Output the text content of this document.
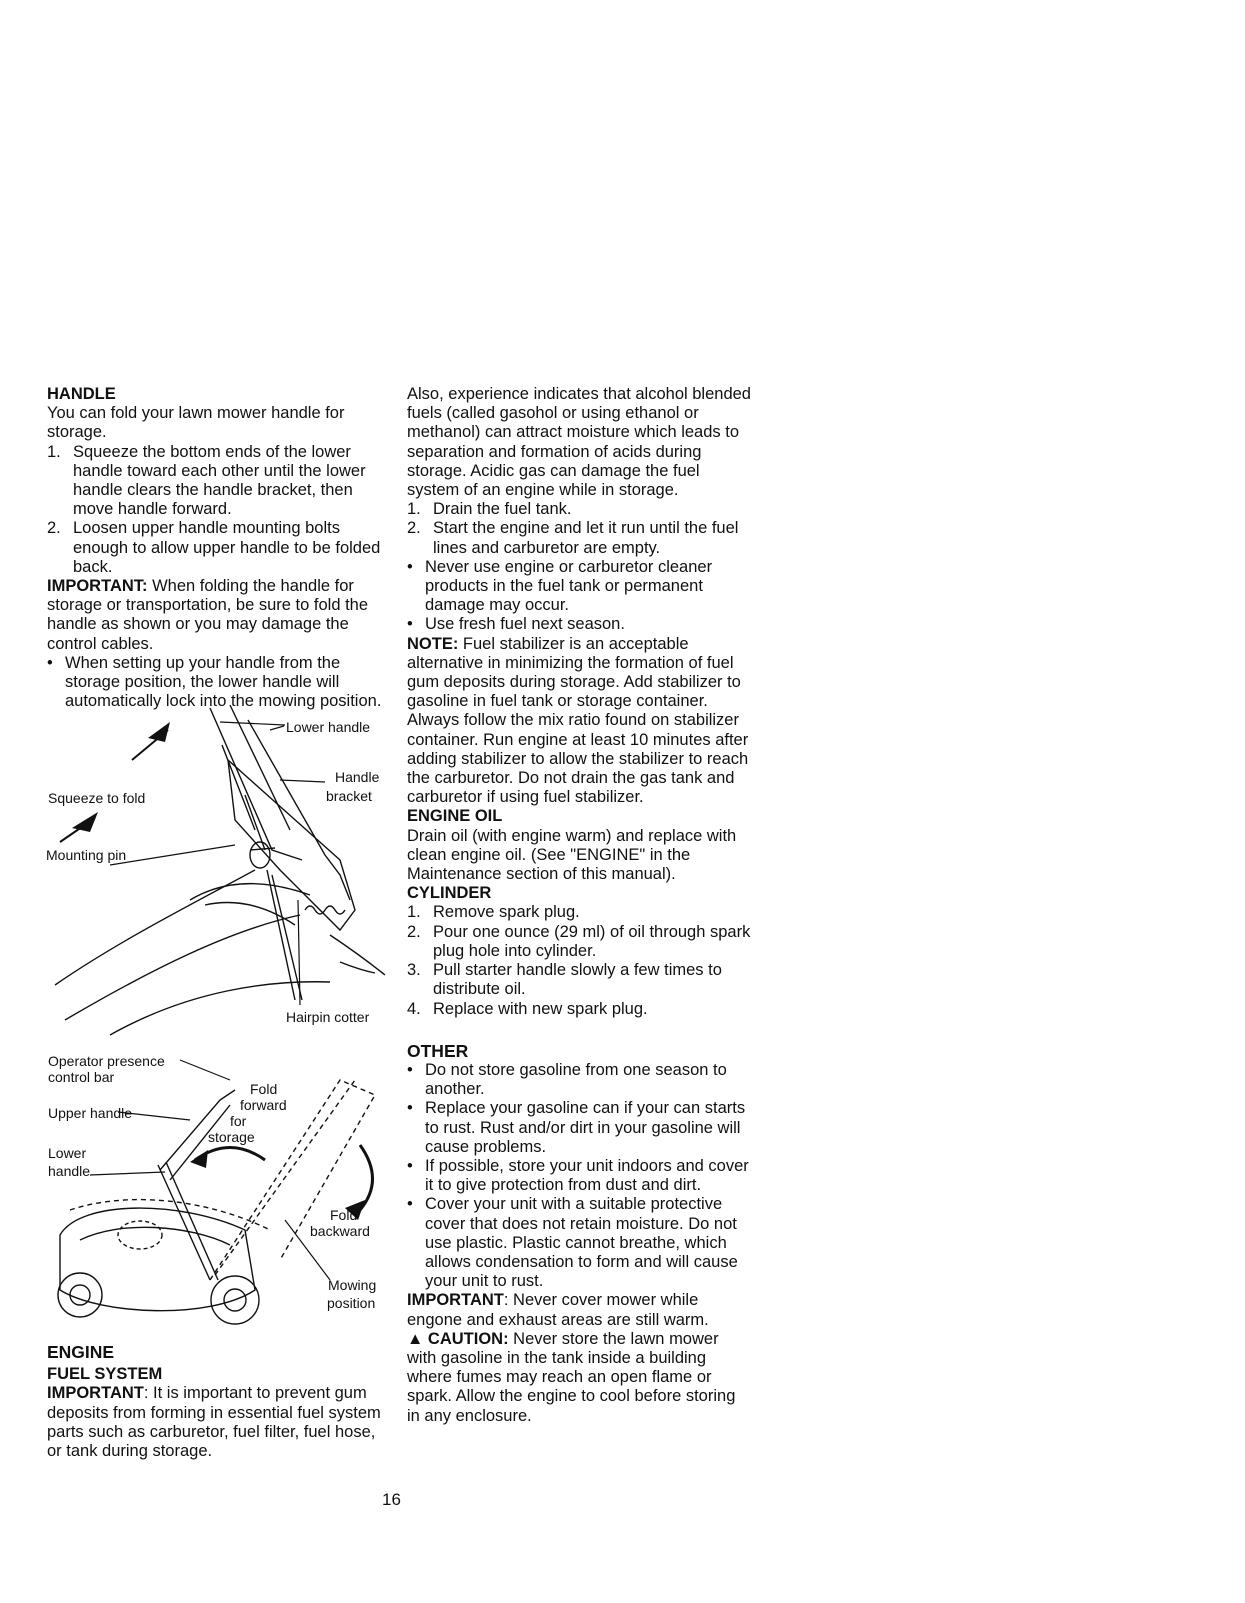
HANDLE

You can fold your lawn mower handle for storage.

1. Squeeze the bottom ends of the lower handle toward each other until the lower handle clears the handle bracket, then move handle forward.
2. Loosen upper handle mounting bolts enough to allow upper handle to be folded back.

IMPORTANT: When folding the handle for storage or transportation, be sure to fold the handle as shown or you may damage the control cables.

• When setting up your handle from the storage position, the lower handle will automatically lock into the mowing position.
Lower handle
Handle
bracket
Squeeze to fold
Mounting pin
Hairpin cotter
Operator presence
control bar
Upper handle
Lower
handle
Fold
forward
for
storage
Fold
backward
Mowing
position
ENGINE
FUEL SYSTEM

IMPORTANT: It is important to prevent gum deposits from forming in essential fuel system parts such as carburetor, fuel filter, fuel hose, or tank during storage.

Also, experience indicates that alcohol blended fuels (called gasohol or using ethanol or methanol) can attract moisture which leads to separation and formation of acids during storage. Acidic gas can damage the fuel system of an engine while in storage.

1. Drain the fuel tank.
2. Start the engine and let it run until the fuel lines and carburetor are empty.
• Never use engine or carburetor cleaner products in the fuel tank or permanent damage may occur.
• Use fresh fuel next season.

NOTE: Fuel stabilizer is an acceptable alternative in minimizing the formation of fuel gum deposits during storage. Add stabilizer to gasoline in fuel tank or storage container. Always follow the mix ratio found on stabilizer container. Run engine at least 10 minutes after adding stabilizer to allow the stabilizer to reach the carburetor. Do not drain the gas tank and carburetor if using fuel stabilizer.

ENGINE OIL

Drain oil (with engine warm) and replace with clean engine oil. (See "ENGINE" in the Maintenance section of this manual).

CYLINDER
1. Remove spark plug.
2. Pour one ounce (29 ml) of oil through spark plug hole into cylinder.
3. Pull starter handle slowly a few times to distribute oil.
4. Replace with new spark plug.
OTHER
• Do not store gasoline from one season to another.
• Replace your gasoline can if your can starts to rust. Rust and/or dirt in your gasoline will cause problems.
• If possible, store your unit indoors and cover it to give protection from dust and dirt.
• Cover your unit with a suitable protective cover that does not retain moisture. Do not use plastic. Plastic cannot breathe, which allows condensation to form and will cause your unit to rust.

IMPORTANT: Never cover mower while engone and exhaust areas are still warm.

▲ CAUTION: Never store the lawn mower with gasoline in the tank inside a building where fumes may reach an open flame or spark. Allow the engine to cool before storing in any enclosure.

16
